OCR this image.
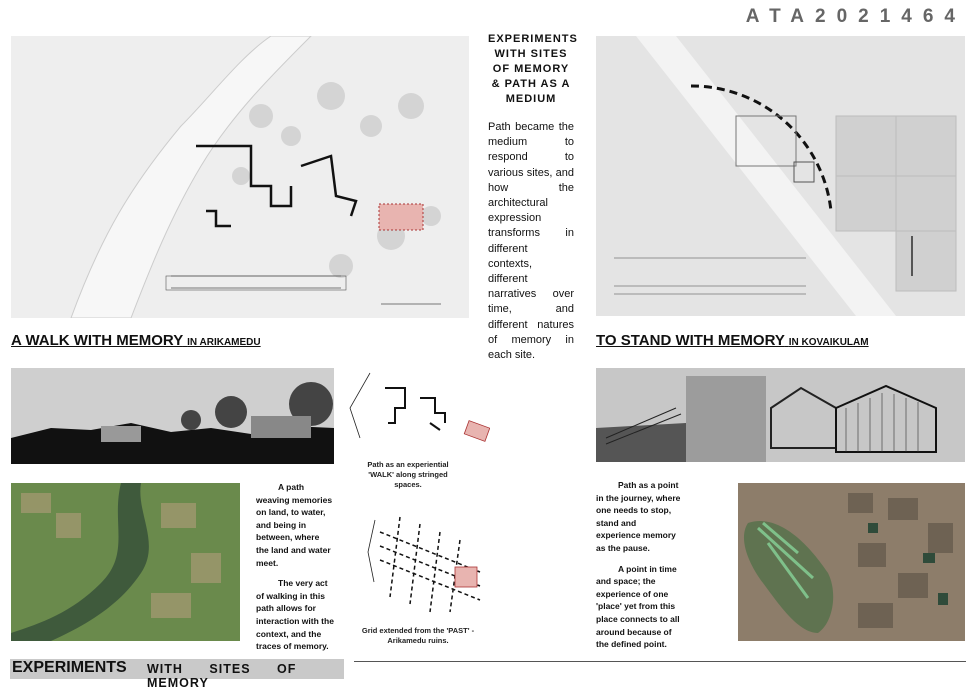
ATA2021464
EXPERIMENTS WITH SITES OF MEMORY & PATH AS A MEDIUM
Path became the medium to respond to various sites, and how the architectural expression transforms in different contexts, different narratives over time, and different natures of memory in each site.
A WALK WITH MEMORY IN ARIKAMEDU	TO STAND WITH MEMORY IN KOVAIKULAM
Path as an experiential 'WALK' along stringed spaces.

A path weaving memories on land, to water, and being in between, where the land and water meet.

The very act of walking in this path allows for interaction with the context, and the traces of memory.

Grid extended from the 'PAST' - Arikamedu ruins.

Path as a point in the journey, where one needs to stop, stand and experience memory as the pause.

A point in time and space; the experience of one 'place' yet from this place connects to all around because of the defined point.

EXPERIMENTS WITH SITES OF MEMORY
